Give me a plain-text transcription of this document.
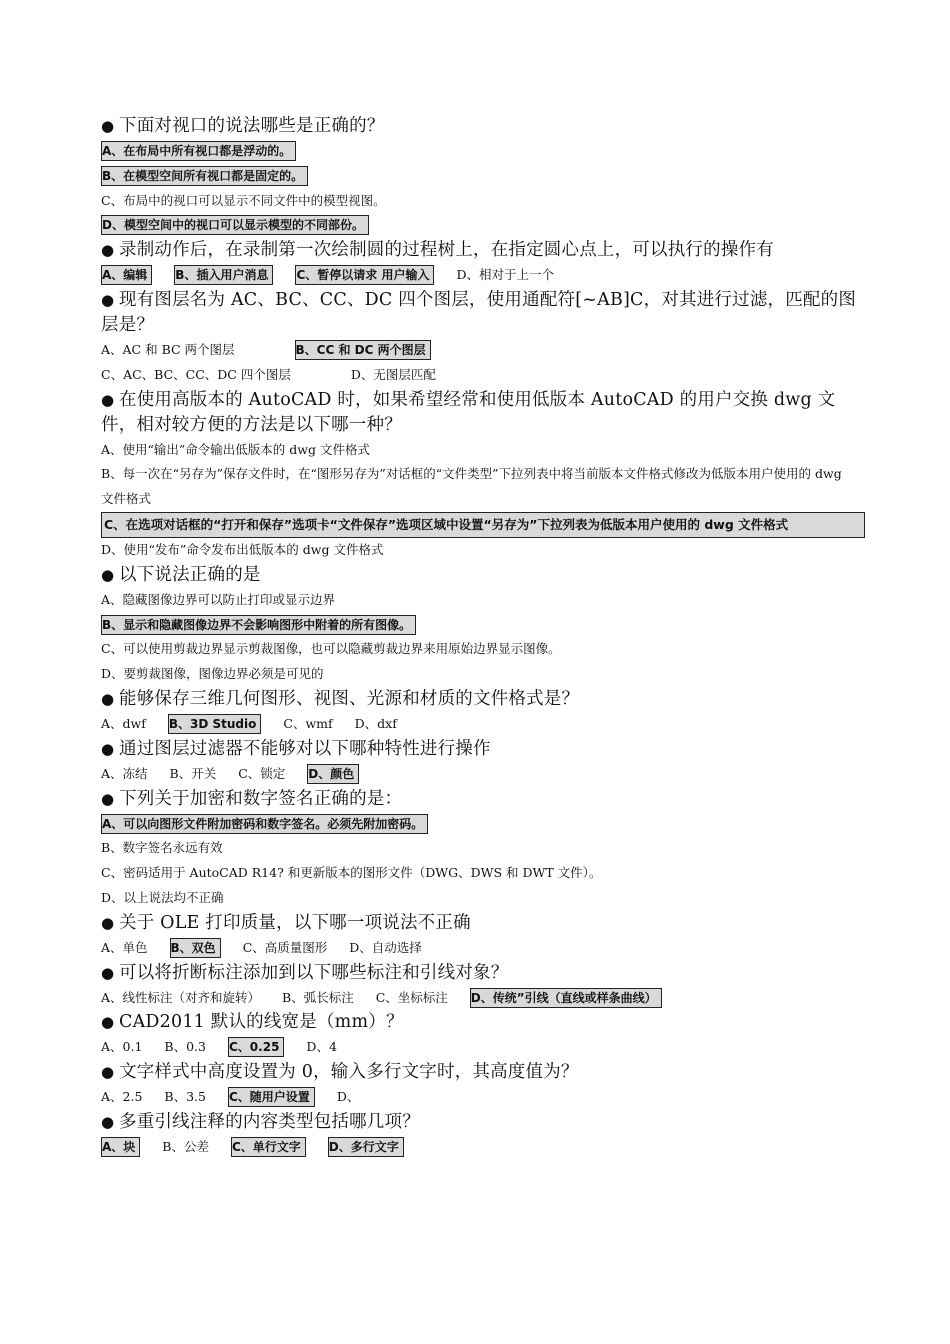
● 下面对视口的说法哪些是正确的？

A、在布局中所有视口都是浮动的。
B、在模型空间所有视口都是固定的。
C、布局中的视口可以显示不同文件中的模型视图。
D、模型空间中的视口可以显示模型的不同部份。

● 录制动作后，在录制第一次绘制圆的过程树上，在指定圆心点上，可以执行的操作有

A、编辑 B、插入用户消息 C、暂停以请求 用户输入 D、相对于上一个

● 现有图层名为 AC、BC、CC、DC 四个图层，使用通配符[~AB]C，对其进行过滤，匹配的图层是？

A、AC 和 BC 两个图层	B、CC 和 DC 两个图层
C、AC、BC、CC、DC 四个图层	D、无图层匹配

● 在使用高版本的 AutoCAD 时，如果希望经常和使用低版本 AutoCAD 的用户交换 dwg 文件，相对较方便的方法是以下哪一种？

A、使用“输出”命令输出低版本的 dwg 文件格式
B、每一次在“另存为”保存文件时，在“图形另存为”对话框的“文件类型”下拉列表中将当前版本文件格式修改为低版本用户使用的 dwg 文件格式
C、在选项对话框的“打开和保存”选项卡“文件保存”选项区域中设置“另存为”下拉列表为低版本用户使用的 dwg 文件格式
D、使用“发布”命令发布出低版本的 dwg 文件格式

● 以下说法正确的是

A、隐藏图像边界可以防止打印或显示边界
B、显示和隐藏图像边界不会影响图形中附着的所有图像。
C、可以使用剪裁边界显示剪裁图像，也可以隐藏剪裁边界来用原始边界显示图像。
D、要剪裁图像，图像边界必须是可见的

● 能够保存三维几何图形、视图、光源和材质的文件格式是？

A、dwf B、3D Studio C、wmf D、dxf

● 通过图层过滤器不能够对以下哪种特性进行操作

A、冻结 B、开关 C、锁定 D、颜色

● 下列关于加密和数字签名正确的是：

A、可以向图形文件附加密码和数字签名。必须先附加密码。
B、数字签名永远有效
C、密码适用于 AutoCAD R14? 和更新版本的图形文件（DWG、DWS 和 DWT 文件）。
D、以上说法均不正确

● 关于 OLE 打印质量，以下哪一项说法不正确

A、单色 B、双色 C、高质量图形 D、自动选择

● 可以将折断标注添加到以下哪些标注和引线对象？

A、线性标注（对齐和旋转） B、弧长标注 C、坐标标注 D、传统”引线（直线或样条曲线）

● CAD2011 默认的线宽是（mm）？

A、0.1 B、0.3 C、0.25 D、4

● 文字样式中高度设置为 0，输入多行文字时，其高度值为？

A、2.5 B、3.5 C、随用户设置 D、

● 多重引线注释的内容类型包括哪几项？

A、块 B、公差 C、单行文字 D、多行文字
